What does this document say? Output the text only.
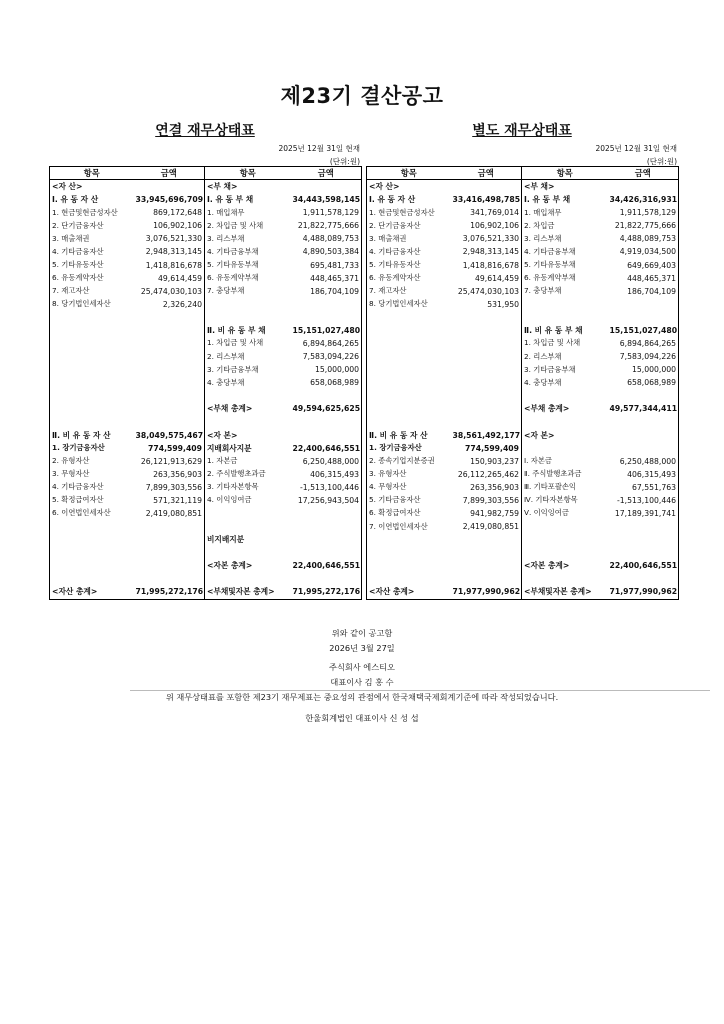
제23기 결산공고
연결 재무상태표	별도 재무상태표
2025년 12월 31일 현재
(단위:원)
2025년 12월 31일 현재
(단위:원)
항목	금액	항목	금액
<자 산>		<부 채>	
Ⅰ. 유 동 자 산	33,945,696,709	Ⅰ. 유 동 부 채	34,443,598,145
1. 현금및현금성자산	869,172,648	1. 매입채무	1,911,578,129
2. 단기금융자산	106,902,106	2. 차입금 및 사채	21,822,775,666
3. 매출채권	3,076,521,330	3. 리스부채	4,488,089,753
4. 기타금융자산	2,948,313,145	4. 기타금융부채	4,890,503,384
5. 기타유동자산	1,418,816,678	5. 기타유동부채	695,481,733
6. 유동계약자산	49,614,459	6. 유동계약부채	448,465,371
7. 재고자산	25,474,030,103	7. 충당부채	186,704,109
8. 당기법인세자산	2,326,240		

		Ⅱ. 비 유 동 부 채	15,151,027,480
		1. 차입금 및 사채	6,894,864,265
		2. 리스부채	7,583,094,226
		3. 기타금융부채	15,000,000
		4. 충당부채	658,068,989

		<부채 총계>	49,594,625,625

Ⅱ. 비 유 동 자 산	38,049,575,467	<자 본>	
1. 장기금융자산	774,599,409	지배회사지분	22,400,646,551
2. 유형자산	26,121,913,629	1. 자본금	6,250,488,000
3. 무형자산	263,356,903	2. 주식발행초과금	406,315,493
4. 기타금융자산	7,899,303,556	3. 기타자본항목	-1,513,100,446
5. 확정급여자산	571,321,119	4. 이익잉여금	17,256,943,504
6. 이연법인세자산	2,419,080,851		

		비지배지분	

		<자본 총계>	22,400,646,551

<자산 총계>	71,995,272,176	<부채및자본 총계>	71,995,272,176
항목	금액	항목	금액
<자 산>		<부 채>	
Ⅰ. 유 동 자 산	33,416,498,785	Ⅰ. 유 동 부 채	34,426,316,931
1. 현금및현금성자산	341,769,014	1. 매입채무	1,911,578,129
2. 단기금융자산	106,902,106	2. 차입금	21,822,775,666
3. 매출채권	3,076,521,330	3. 리스부채	4,488,089,753
4. 기타금융자산	2,948,313,145	4. 기타금융부채	4,919,034,500
5. 기타유동자산	1,418,816,678	5. 기타유동부채	649,669,403
6. 유동계약자산	49,614,459	6. 유동계약부채	448,465,371
7. 재고자산	25,474,030,103	7. 충당부채	186,704,109
8. 당기법인세자산	531,950		

		Ⅱ. 비 유 동 부 채	15,151,027,480
		1. 차입금 및 사채	6,894,864,265
		2. 리스부채	7,583,094,226
		3. 기타금융부채	15,000,000
		4. 충당부채	658,068,989

		<부채 총계>	49,577,344,411

Ⅱ. 비 유 동 자 산	38,561,492,177	<자 본>	
1. 장기금융자산	774,599,409		
2. 종속기업지분증권	150,903,237	Ⅰ. 자본금	6,250,488,000
3. 유형자산	26,112,265,462	Ⅱ. 주식발행초과금	406,315,493
4. 무형자산	263,356,903	Ⅲ. 기타포괄손익	67,551,763
5. 기타금융자산	7,899,303,556	Ⅳ. 기타자본항목	-1,513,100,446
6. 확정급여자산	941,982,759	Ⅴ. 이익잉여금	17,189,391,741
7. 이연법인세자산	2,419,080,851		

		<자본 총계>	22,400,646,551

<자산 총계>	71,977,990,962	<부채및자본 총계>	71,977,990,962
위와 같이 공고함
2026년 3월 27일
주식회사 에스티오
대표이사 김 홍 수
위 재무상태표를 포함한 제23기 재무제표는 중요성의 관점에서 한국채택국제회계기준에 따라 작성되었습니다.
한울회계법인 대표이사 신 성 섭
